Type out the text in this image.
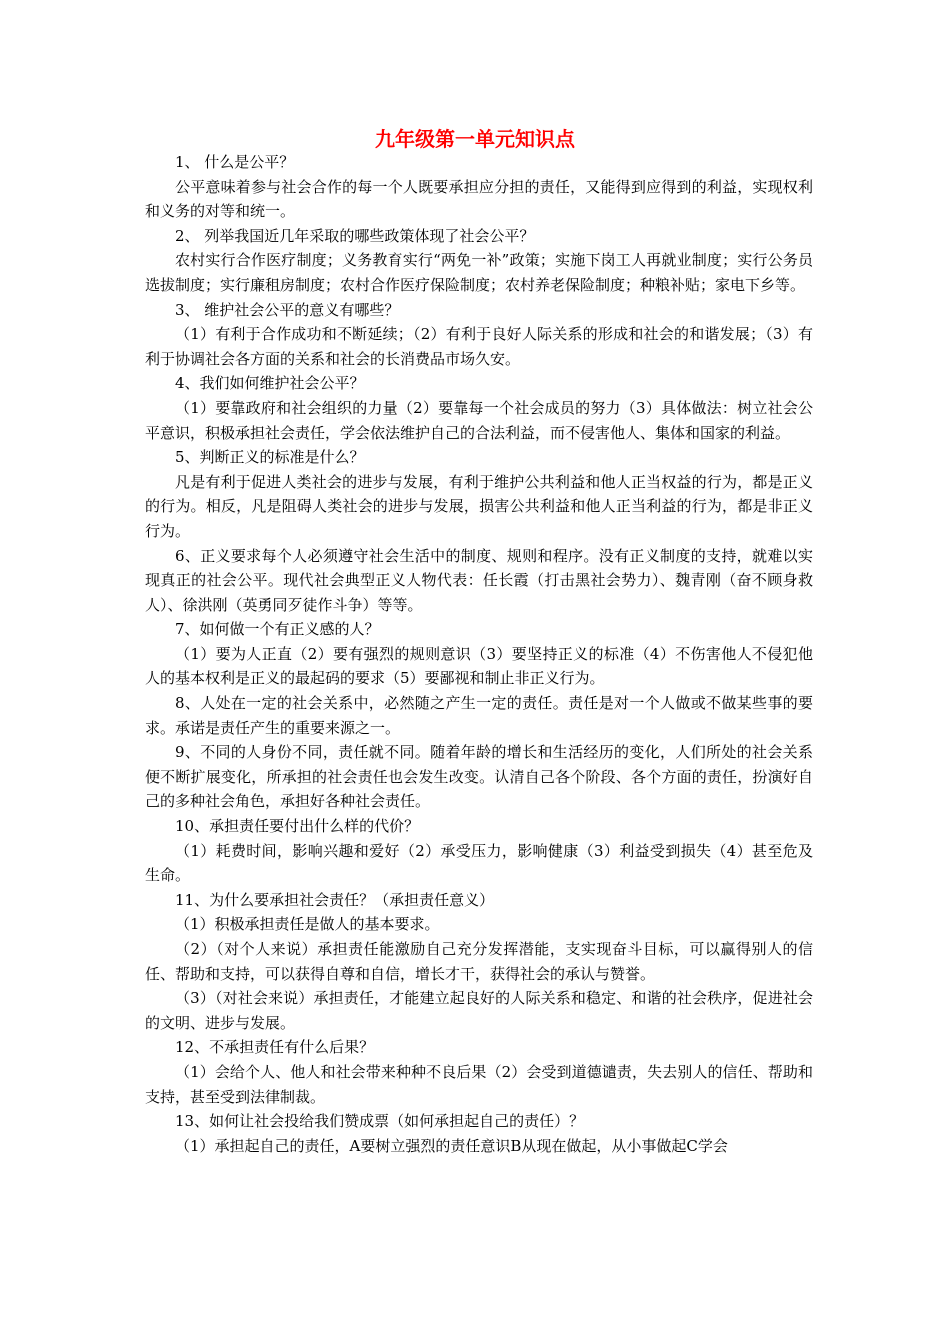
九年级第一单元知识点

1、 什么是公平？

公平意味着参与社会合作的每一个人既要承担应分担的责任，又能得到应得到的利益，实现权利和义务的对等和统一。

2、 列举我国近几年采取的哪些政策体现了社会公平？

农村实行合作医疗制度；义务教育实行“两免一补”政策；实施下岗工人再就业制度；实行公务员选拔制度；实行廉租房制度；农村合作医疗保险制度；农村养老保险制度；种粮补贴；家电下乡等。

3、 维护社会公平的意义有哪些？

（1）有利于合作成功和不断延续；（2）有利于良好人际关系的形成和社会的和谐发展；（3）有利于协调社会各方面的关系和社会的长消费品市场久安。

4、我们如何维护社会公平？

（1）要靠政府和社会组织的力量（2）要靠每一个社会成员的努力（3）具体做法：树立社会公平意识，积极承担社会责任，学会依法维护自己的合法利益，而不侵害他人、集体和国家的利益。

5、判断正义的标准是什么？

凡是有利于促进人类社会的进步与发展，有利于维护公共利益和他人正当权益的行为，都是正义的行为。相反，凡是阻碍人类社会的进步与发展，损害公共利益和他人正当利益的行为，都是非正义行为。

6、正义要求每个人必须遵守社会生活中的制度、规则和程序。没有正义制度的支持，就难以实现真正的社会公平。现代社会典型正义人物代表：任长霞（打击黑社会势力）、魏青刚（奋不顾身救人）、徐洪刚（英勇同歹徒作斗争）等等。

7、如何做一个有正义感的人？

（1）要为人正直（2）要有强烈的规则意识（3）要坚持正义的标准（4）不伤害他人不侵犯他人的基本权利是正义的最起码的要求（5）要鄙视和制止非正义行为。

8、人处在一定的社会关系中，必然随之产生一定的责任。责任是对一个人做或不做某些事的要求。承诺是责任产生的重要来源之一。

9、不同的人身份不同，责任就不同。随着年龄的增长和生活经历的变化，人们所处的社会关系便不断扩展变化，所承担的社会责任也会发生改变。认清自己各个阶段、各个方面的责任，扮演好自己的多种社会角色，承担好各种社会责任。

10、承担责任要付出什么样的代价？

（1）耗费时间，影响兴趣和爱好（2）承受压力，影响健康（3）利益受到损失（4）甚至危及生命。

11、为什么要承担社会责任？（承担责任意义）

（1）积极承担责任是做人的基本要求。

（2）（对个人来说）承担责任能激励自己充分发挥潜能，支实现奋斗目标，可以赢得别人的信任、帮助和支持，可以获得自尊和自信，增长才干，获得社会的承认与赞誉。

（3）（对社会来说）承担责任，才能建立起良好的人际关系和稳定、和谐的社会秩序，促进社会的文明、进步与发展。

12、不承担责任有什么后果？

（1）会给个人、他人和社会带来种种不良后果（2）会受到道德谴责，失去别人的信任、帮助和支持，甚至受到法律制裁。

13、如何让社会投给我们赞成票（如何承担起自己的责任）？

（1）承担起自己的责任，A要树立强烈的责任意识B从现在做起，从小事做起C学会
